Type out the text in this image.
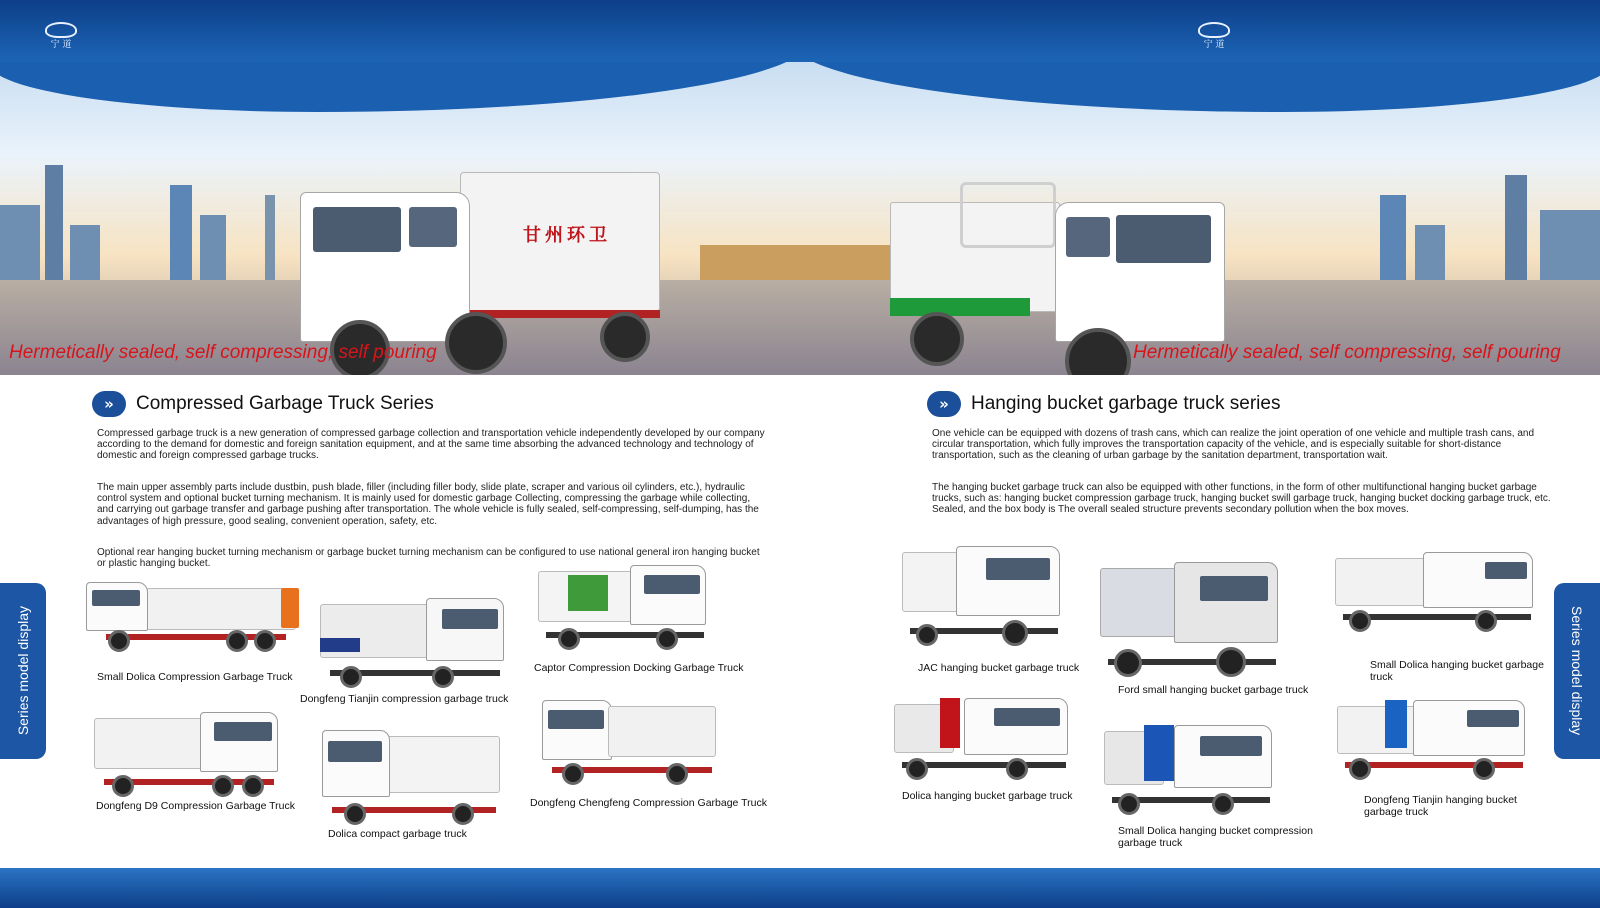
宁 道	宁 道
甘州环卫
Hermetically sealed, self compressing, self pouring	Hermetically sealed, self compressing, self pouring
»	Compressed Garbage Truck Series
Compressed garbage truck is a new generation of compressed garbage collection and transportation vehicle independently developed by our company according to the demand for domestic and foreign sanitation equipment, and at the same time absorbing the advanced technology and technology of domestic and foreign compressed garbage trucks.
The main upper assembly parts include dustbin, push blade, filler (including filler body, slide plate, scraper and various oil cylinders, etc.), hydraulic control system and optional bucket turning mechanism. It is mainly used for domestic garbage Collecting, compressing the garbage while collecting, and carrying out garbage transfer and garbage pushing after transportation. The whole vehicle is fully sealed, self-compressing, self-dumping, has the advantages of high pressure, good sealing, convenient operation, safety, etc.
Optional rear hanging bucket turning mechanism or garbage bucket turning mechanism can be configured to use national general iron hanging bucket or plastic hanging bucket.
Small Dolica Compression Garbage Truck
Dongfeng Tianjin compression garbage truck
Captor Compression Docking Garbage Truck
Dongfeng D9 Compression Garbage Truck
Dolica compact garbage truck
Dongfeng Chengfeng Compression Garbage Truck
»	Hanging bucket garbage truck series
One vehicle can be equipped with dozens of trash cans, which can realize the joint operation of one vehicle and multiple trash cans, and circular transportation, which fully improves the transportation capacity of the vehicle, and is especially suitable for short-distance transportation, such as the cleaning of urban garbage by the sanitation department, transportation wait.
The hanging bucket garbage truck can also be equipped with other functions, in the form of other multifunctional hanging bucket garbage trucks, such as: hanging bucket compression garbage truck, hanging bucket swill garbage truck, hanging bucket docking garbage truck, etc. Sealed, and the box body is The overall sealed structure prevents secondary pollution when the box moves.
JAC hanging bucket garbage truck
Ford small hanging bucket garbage truck
Small Dolica hanging bucket garbage truck
Dolica hanging bucket garbage truck
Small Dolica hanging bucket compression garbage truck
Dongfeng Tianjin hanging bucket garbage truck
Series model display	Series model display
